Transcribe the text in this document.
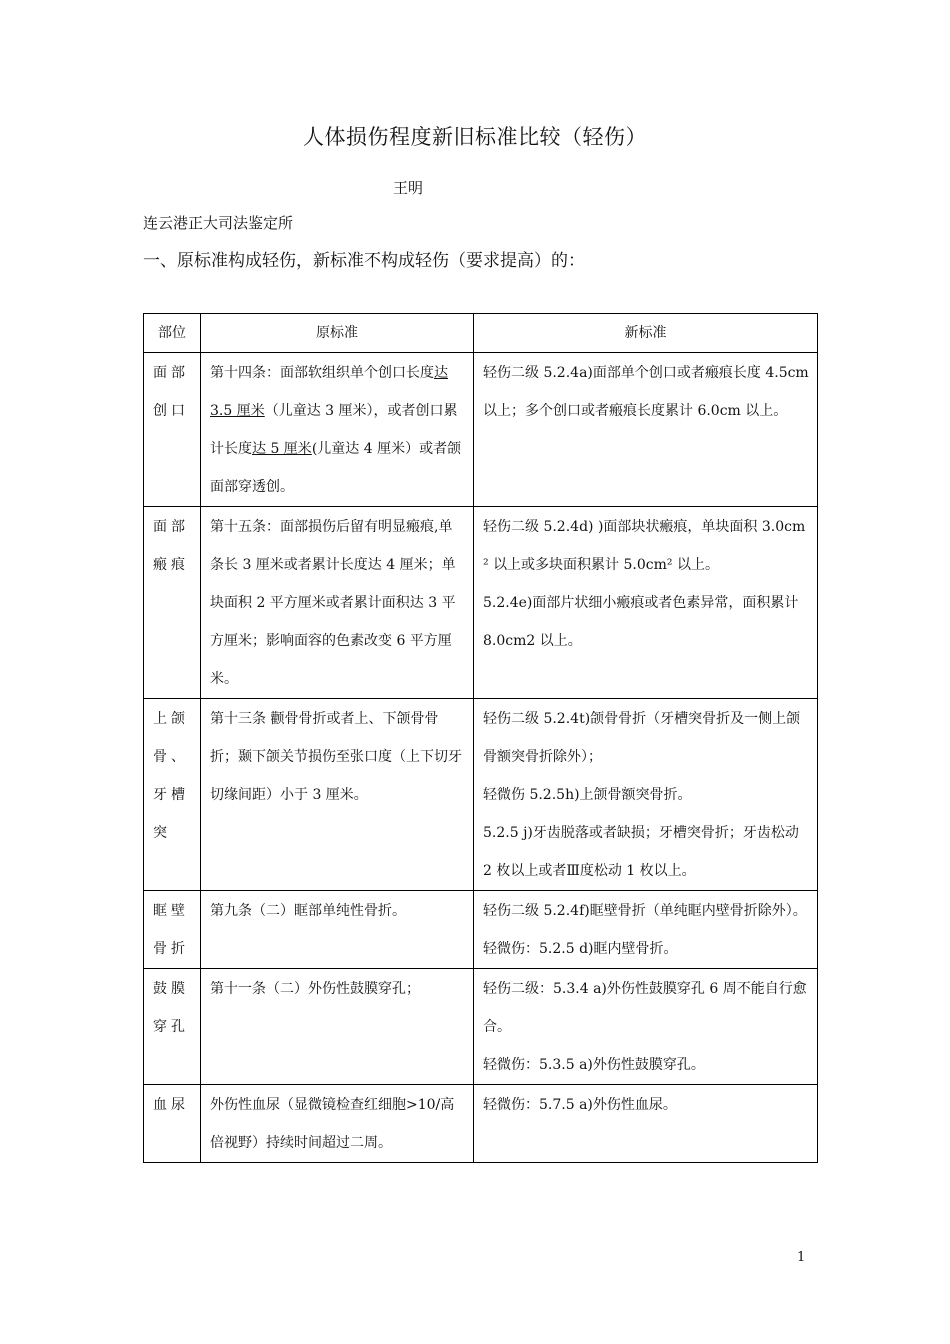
人体损伤程度新旧标准比较（轻伤）
王明
连云港正大司法鉴定所
一、原标准构成轻伤，新标准不构成轻伤（要求提高）的：
部位	原标准	新标准
面部创口	第十四条：面部软组织单个创口长度达 3.5 厘米（儿童达 3 厘米），或者创口累计长度达 5 厘米(儿童达 4 厘米）或者颌面部穿透创。	轻伤二级 5.2.4a)面部单个创口或者瘢痕长度 4.5cm 以上；多个创口或者瘢痕长度累计 6.0cm 以上。

面部瘢痕	第十五条：面部损伤后留有明显瘢痕,单条长 3 厘米或者累计长度达 4 厘米；单块面积 2 平方厘米或者累计面积达 3 平方厘米；影响面容的色素改变 6 平方厘米。	轻伤二级 5.2.4d) )面部块状瘢痕，单块面积 3.0cm² 以上或多块面积累计 5.0cm² 以上。
5.2.4e)面部片状细小瘢痕或者色素异常，面积累计 8.0cm2 以上。

上颌骨、牙槽突	第十三条 颧骨骨折或者上、下颌骨骨折；颞下颌关节损伤至张口度（上下切牙切缘间距）小于 3 厘米。	轻伤二级 5.2.4t)颌骨骨折（牙槽突骨折及一侧上颌骨额突骨折除外）；
轻微伤 5.2.5h)上颌骨额突骨折。
5.2.5 j)牙齿脱落或者缺损；牙槽突骨折；牙齿松动 2 枚以上或者Ⅲ度松动 1 枚以上。

眶壁骨折	第九条（二）眶部单纯性骨折。	轻伤二级 5.2.4f)眶壁骨折（单纯眶内壁骨折除外）。
轻微伤：5.2.5 d)眶内壁骨折。

鼓膜穿孔	第十一条（二）外伤性鼓膜穿孔；	轻伤二级：5.3.4 a)外伤性鼓膜穿孔 6 周不能自行愈合。
轻微伤：5.3.5 a)外伤性鼓膜穿孔。

血尿	外伤性血尿（显微镜检查红细胞>10/高倍视野）持续时间超过二周。	轻微伤：5.7.5 a)外伤性血尿。
1
